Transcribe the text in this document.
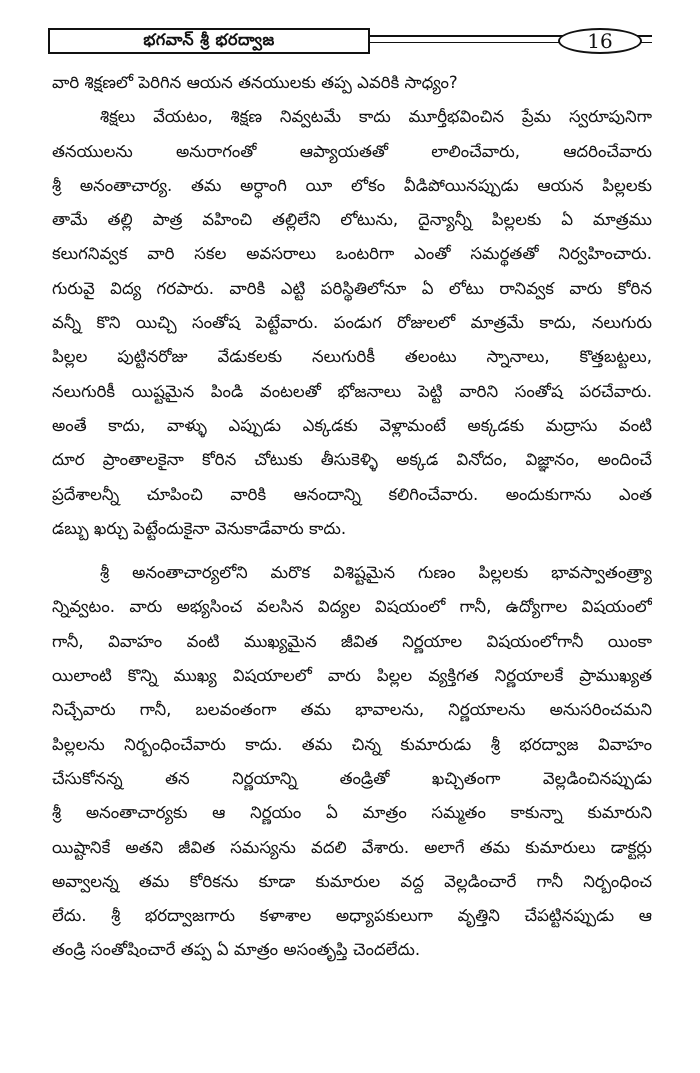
భగవాన్ శ్రీ భరద్వాజ	16
వారి శిక్షణలో పెరిగిన ఆయన తనయులకు తప్ప ఎవరికి సాధ్యం?
శిక్షలు వేయటం, శిక్షణ నివ్వటమే కాదు మూర్తీభవించిన ప్రేమ స్వరూపునిగా
తనయులను అనురాగంతో ఆప్యాయతతో లాలించేవారు, ఆదరించేవారు
శ్రీ అనంతాచార్య. తమ అర్ధాంగి యీ లోకం వీడిపోయినప్పుడు ఆయన పిల్లలకు
తామే తల్లి పాత్ర వహించి తల్లిలేని లోటును, దైన్యాన్నీ పిల్లలకు ఏ మాత్రము
కలుగనివ్వక వారి సకల అవసరాలు ఒంటరిగా ఎంతో సమర్థతతో నిర్వహించారు.
గురువై విద్య గరపారు. వారికి ఎట్టి పరిస్థితిలోనూ ఏ లోటు రానివ్వక వారు కోరిన
వన్నీ కొని యిచ్చి సంతోష పెట్టేవారు. పండుగ రోజులలో మాత్రమే కాదు, నలుగురు
పిల్లల పుట్టినరోజు వేడుకలకు నలుగురికీ తలంటు స్నానాలు, కొత్తబట్టలు,
నలుగురికీ యిష్టమైన పిండి వంటలతో భోజనాలు పెట్టి వారిని సంతోష పరచేవారు.
అంతే కాదు, వాళ్ళు ఎప్పుడు ఎక్కడకు వెళ్లామంటే అక్కడకు మద్రాసు వంటి
దూర ప్రాంతాలకైనా కోరిన చోటుకు తీసుకెళ్ళి అక్కడ వినోదం, విజ్ఞానం, అందించే
ప్రదేశాలన్నీ చూపించి వారికి ఆనందాన్ని కలిగించేవారు. అందుకుగాను ఎంత
డబ్బు ఖర్చు పెట్టేందుకైనా వెనుకాడేవారు కాదు.
శ్రీ అనంతాచార్యలోని మరొక విశిష్టమైన గుణం పిల్లలకు భావస్వాతంత్ర్యా
న్నివ్వటం. వారు అభ్యసించ వలసిన విద్యల విషయంలో గానీ, ఉద్యోగాల విషయంలో
గానీ, వివాహం వంటి ముఖ్యమైన జీవిత నిర్ణయాల విషయంలోగానీ యింకా
యిలాంటి కొన్ని ముఖ్య విషయాలలో వారు పిల్లల వ్యక్తిగత నిర్ణయాలకే ప్రాముఖ్యత
నిచ్చేవారు గానీ, బలవంతంగా తమ భావాలను, నిర్ణయాలను అనుసరించమని
పిల్లలను నిర్బంధించేవారు కాదు. తమ చిన్న కుమారుడు శ్రీ భరద్వాజ వివాహం
చేసుకోనన్న తన నిర్ణయాన్ని తండ్రితో ఖచ్చితంగా వెల్లడించినప్పుడు
శ్రీ అనంతాచార్యకు ఆ నిర్ణయం ఏ మాత్రం సమ్మతం కాకున్నా కుమారుని
యిష్టానికే అతని జీవిత సమస్యను వదలి వేశారు. అలాగే తమ కుమారులు డాక్టర్లు
అవ్వాలన్న తమ కోరికను కూడా కుమారుల వద్ద వెల్లడించారే గానీ నిర్బంధించ
లేదు. శ్రీ భరద్వాజగారు కళాశాల అధ్యాపకులుగా వృత్తిని చేపట్టినప్పుడు ఆ
తండ్రి సంతోషించారే తప్ప ఏ మాత్రం అసంతృప్తి చెందలేదు.
